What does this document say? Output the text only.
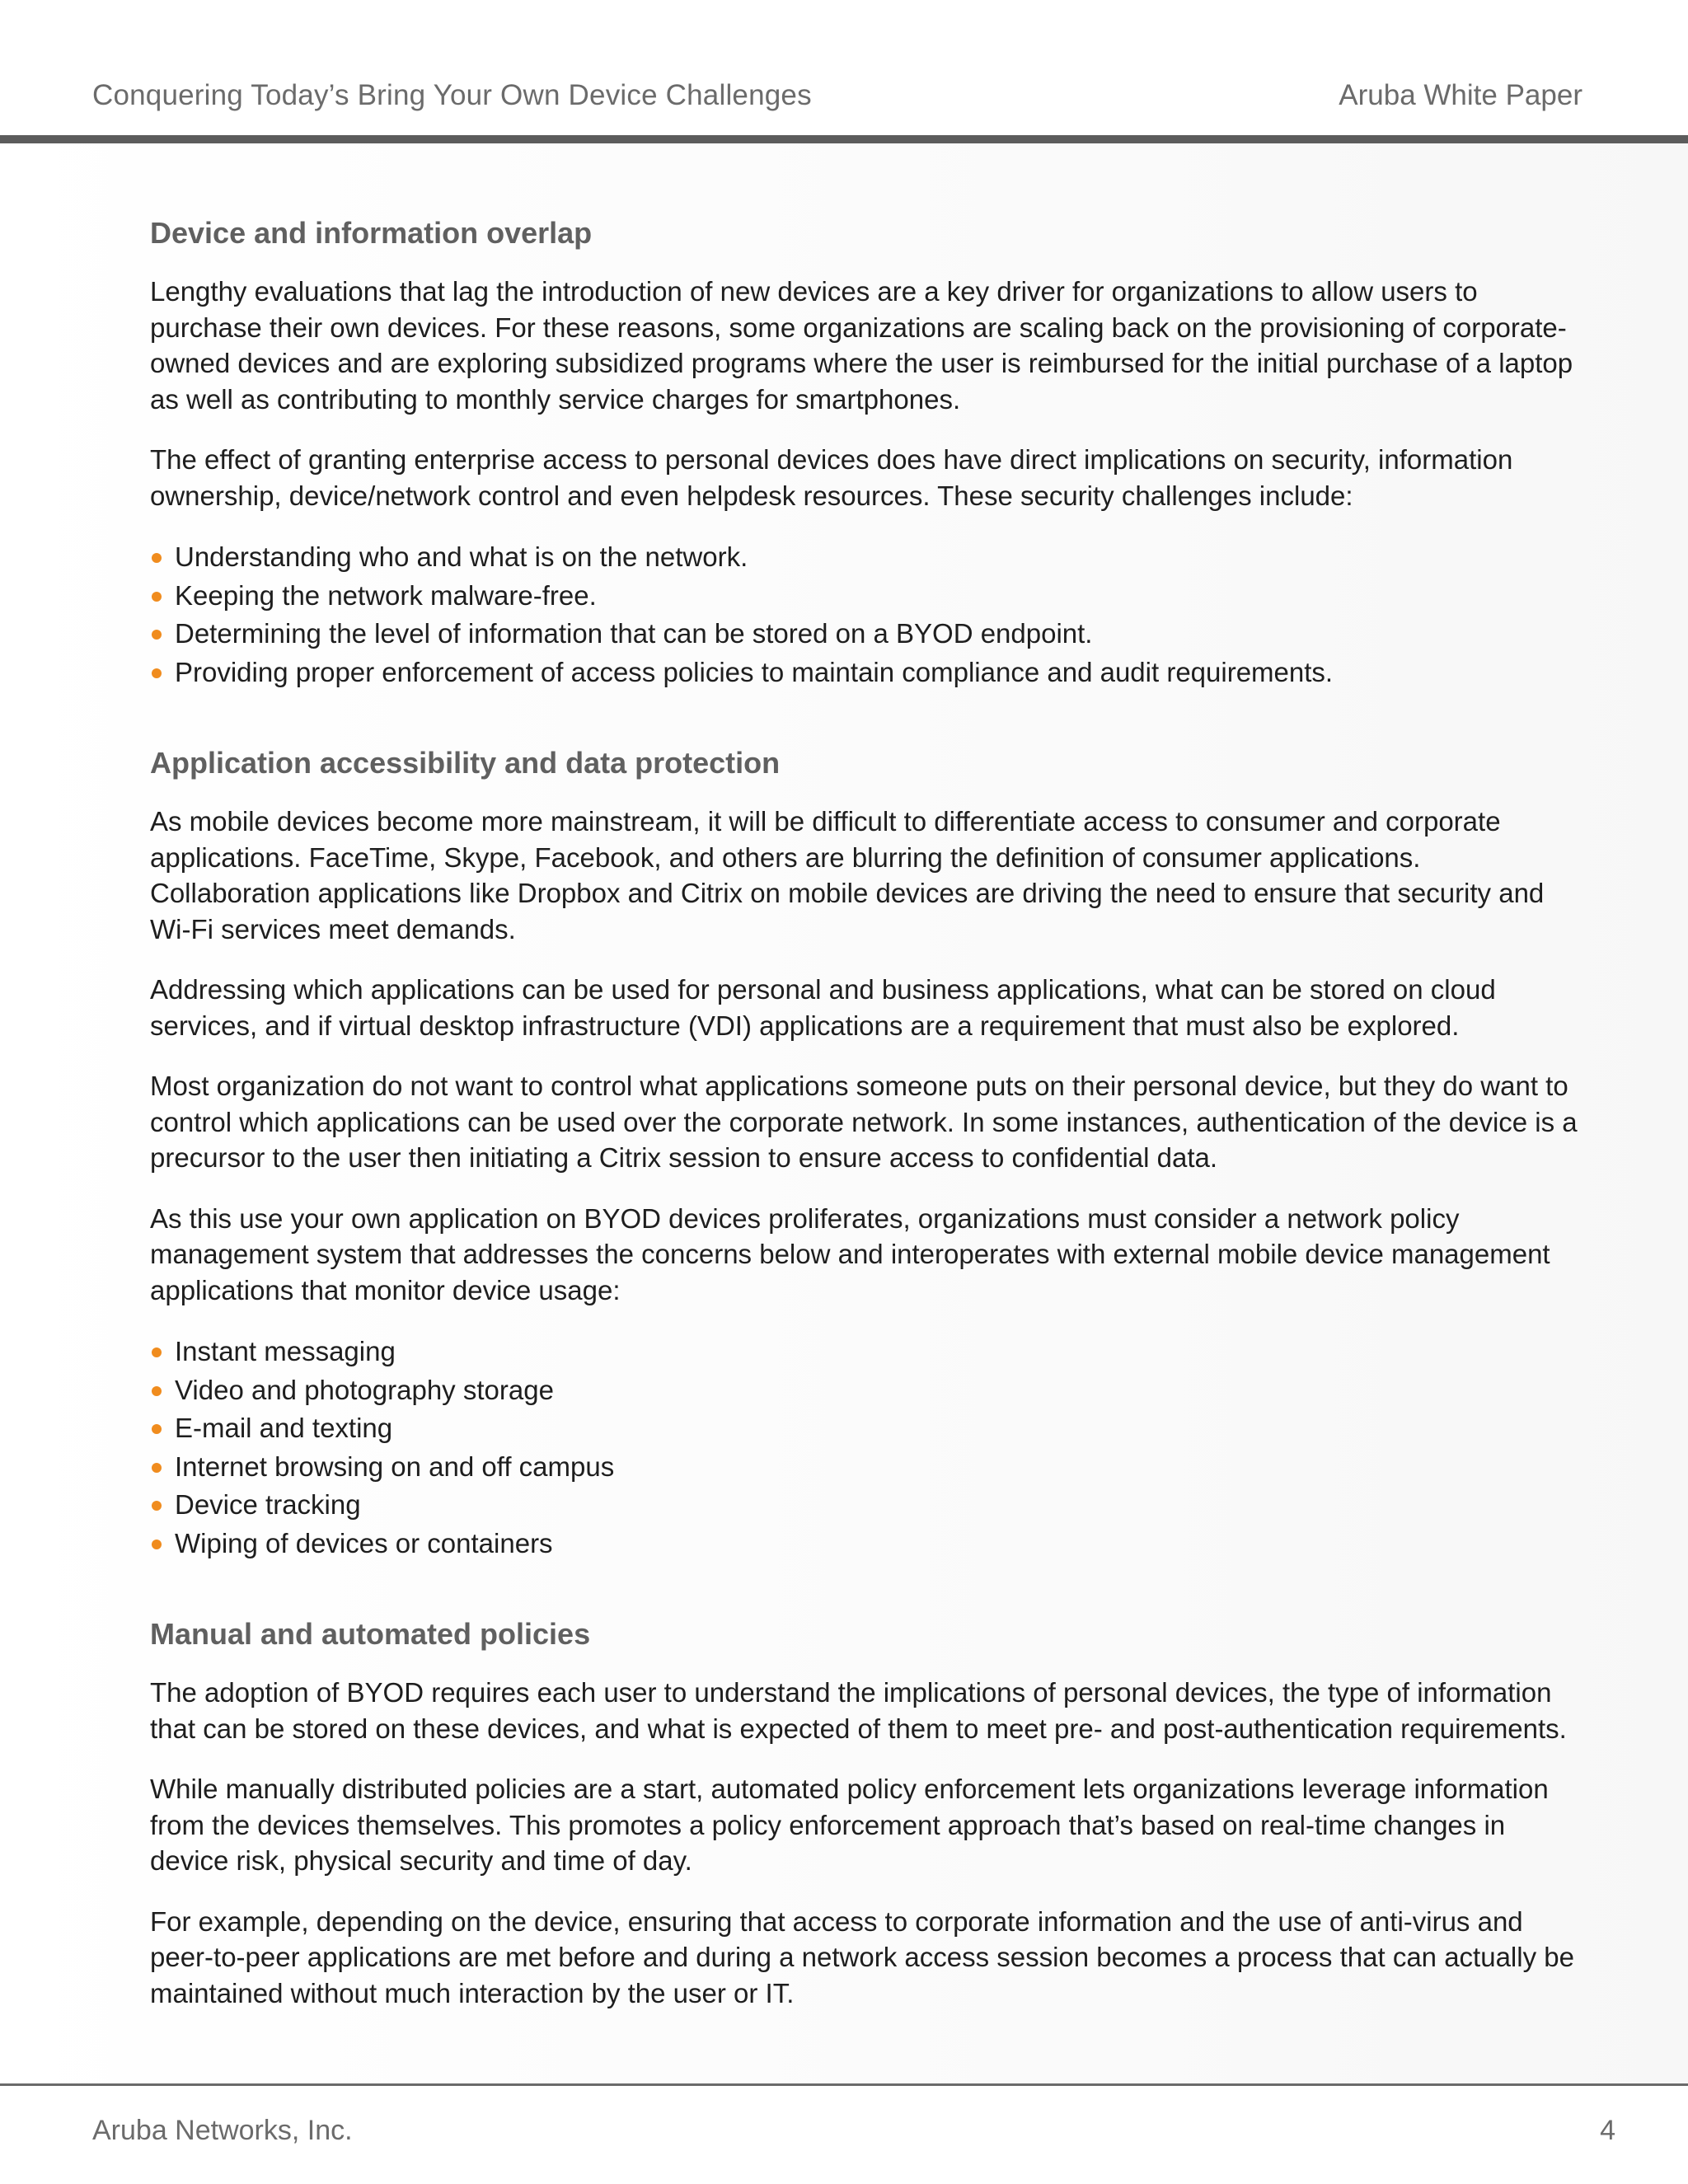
Conquering Today’s Bring Your Own Device Challenges	Aruba White Paper
Device and information overlap

Lengthy evaluations that lag the introduction of new devices are a key driver for organizations to allow users to purchase their own devices. For these reasons, some organizations are scaling back on the provisioning of corporate-owned devices and are exploring subsidized programs where the user is reimbursed for the initial purchase of a laptop as well as contributing to monthly service charges for smartphones.

The effect of granting enterprise access to personal devices does have direct implications on security, information ownership, device/network control and even helpdesk resources. These security challenges include:

Understanding who and what is on the network.
Keeping the network malware-free.
Determining the level of information that can be stored on a BYOD endpoint.
Providing proper enforcement of access policies to maintain compliance and audit requirements.
Application accessibility and data protection

As mobile devices become more mainstream, it will be difficult to differentiate access to consumer and corporate applications. FaceTime, Skype, Facebook, and others are blurring the definition of consumer applications. Collaboration applications like Dropbox and Citrix on mobile devices are driving the need to ensure that security and Wi-Fi services meet demands.

Addressing which applications can be used for personal and business applications, what can be stored on cloud services, and if virtual desktop infrastructure (VDI) applications are a requirement that must also be explored.

Most organization do not want to control what applications someone puts on their personal device, but they do want to control which applications can be used over the corporate network. In some instances, authentication of the device is a precursor to the user then initiating a Citrix session to ensure access to confidential data.

As this use your own application on BYOD devices proliferates, organizations must consider a network policy management system that addresses the concerns below and interoperates with external mobile device management applications that monitor device usage:

Instant messaging
Video and photography storage
E-mail and texting
Internet browsing on and off campus
Device tracking
Wiping of devices or containers
Manual and automated policies

The adoption of BYOD requires each user to understand the implications of personal devices, the type of information that can be stored on these devices, and what is expected of them to meet pre- and post-authentication requirements.

While manually distributed policies are a start, automated policy enforcement lets organizations leverage information from the devices themselves. This promotes a policy enforcement approach that’s based on real-time changes in device risk, physical security and time of day.

For example, depending on the device, ensuring that access to corporate information and the use of anti-virus and peer-to-peer applications are met before and during a network access session becomes a process that can actually be maintained without much interaction by the user or IT.

Aruba Networks, Inc.	4
